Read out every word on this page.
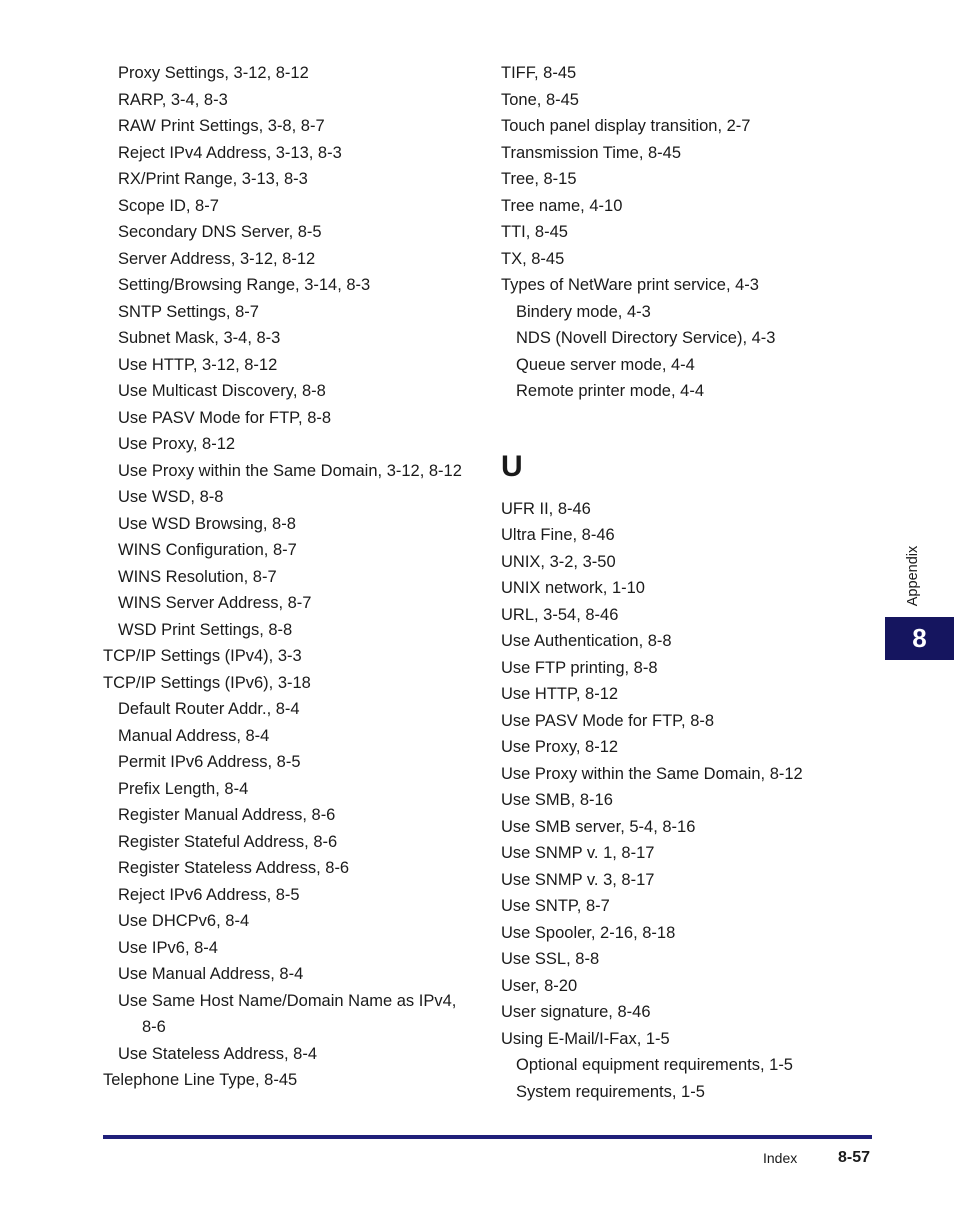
Proxy Settings, 3-12, 8-12
RARP, 3-4, 8-3
RAW Print Settings, 3-8, 8-7
Reject IPv4 Address, 3-13, 8-3
RX/Print Range, 3-13, 8-3
Scope ID, 8-7
Secondary DNS Server, 8-5
Server Address, 3-12, 8-12
Setting/Browsing Range, 3-14, 8-3
SNTP Settings, 8-7
Subnet Mask, 3-4, 8-3
Use HTTP, 3-12, 8-12
Use Multicast Discovery, 8-8
Use PASV Mode for FTP, 8-8
Use Proxy, 8-12
Use Proxy within the Same Domain, 3-12, 8-12
Use WSD, 8-8
Use WSD Browsing, 8-8
WINS Configuration, 8-7
WINS Resolution, 8-7
WINS Server Address, 8-7
WSD Print Settings, 8-8
TCP/IP Settings (IPv4), 3-3
TCP/IP Settings (IPv6), 3-18
Default Router Addr., 8-4
Manual Address, 8-4
Permit IPv6 Address, 8-5
Prefix Length, 8-4
Register Manual Address, 8-6
Register Stateful Address, 8-6
Register Stateless Address, 8-6
Reject IPv6 Address, 8-5
Use DHCPv6, 8-4
Use IPv6, 8-4
Use Manual Address, 8-4
Use Same Host Name/Domain Name as IPv4,
8-6
Use Stateless Address, 8-4
Telephone Line Type, 8-45
TIFF, 8-45
Tone, 8-45
Touch panel display transition, 2-7
Transmission Time, 8-45
Tree, 8-15
Tree name, 4-10
TTI, 8-45
TX, 8-45
Types of NetWare print service, 4-3
Bindery mode, 4-3
NDS (Novell Directory Service), 4-3
Queue server mode, 4-4
Remote printer mode, 4-4
U
UFR II, 8-46
Ultra Fine, 8-46
UNIX, 3-2, 3-50
UNIX network, 1-10
URL, 3-54, 8-46
Use Authentication, 8-8
Use FTP printing, 8-8
Use HTTP, 8-12
Use PASV Mode for FTP, 8-8
Use Proxy, 8-12
Use Proxy within the Same Domain, 8-12
Use SMB, 8-16
Use SMB server, 5-4, 8-16
Use SNMP v. 1, 8-17
Use SNMP v. 3, 8-17
Use SNTP, 8-7
Use Spooler, 2-16, 8-18
Use SSL, 8-8
User, 8-20
User signature, 8-46
Using E-Mail/I-Fax, 1-5
Optional equipment requirements, 1-5
System requirements, 1-5
Appendix
8
Index	8-57
